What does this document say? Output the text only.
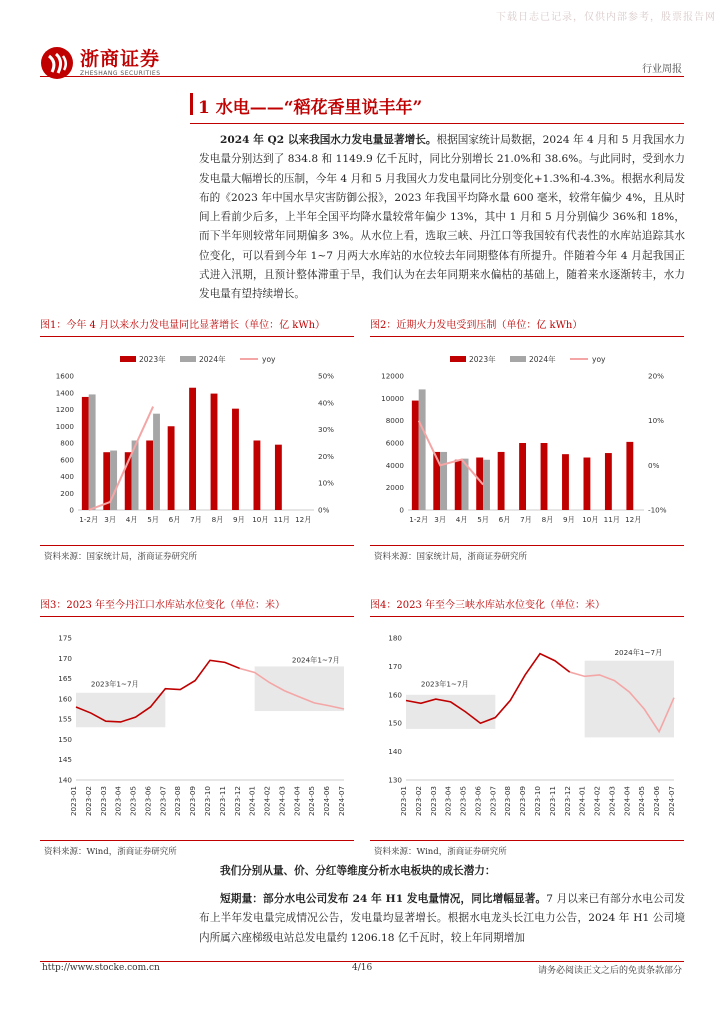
下载日志已记录，仅供内部参考，股票报告网
浙商证券
ZHESHANG SECURITIES	行业周报
1 水电——“稻花香里说丰年”
2024 年 Q2 以来我国水力发电量显著增长。根据国家统计局数据，2024 年 4 月和 5 月我国水力发电量分别达到了 834.8 和 1149.9 亿千瓦时，同比分别增长 21.0%和 38.6%。与此同时，受到水力发电量大幅增长的压制，今年 4 月和 5 月我国火力发电量同比分别变化+1.3%和-4.3%。根据水利局发布的《2023 年中国水旱灾害防御公报》，2023 年我国平均降水量 600 毫米，较常年偏少 4%，且从时间上看前少后多，上半年全国平均降水量较常年偏少 13%，其中 1 月和 5 月分别偏少 36%和 18%，而下半年则较常年同期偏多 3%。从水位上看，选取三峡、丹江口等我国较有代表性的水库站追踪其水位变化，可以看到今年 1~7 月两大水库站的水位较去年同期整体有所提升。伴随着今年 4 月起我国正式进入汛期，且预计整体滞重于旱，我们认为在去年同期来水偏枯的基础上，随着来水逐渐转丰，水力发电量有望持续增长。
图1：今年 4 月以来水力发电量同比显著增长（单位：亿 kWh）
2023年	2024年	yoy
0
200
400
600
800
1000
1200
1400
1600
0%
10%
20%
30%
40%
50%
1-2月 3月 4月 5月 6月 7月 8月 9月 10月 11月 12月
资料来源：国家统计局，浙商证券研究所
图2：近期火力发电受到压制（单位：亿 kWh）
2023年	2024年	yoy
0
2000
4000
6000
8000
10000
12000
-10%
0%
10%
20%
1-2月 3月 4月 5月 6月 7月 8月 9月 10月 11月 12月
资料来源：国家统计局，浙商证券研究所
图3：2023 年至今丹江口水库站水位变化（单位：米）
2023年1~7月
2024年1~7月
140
145
150
155
160
165
170
175
2023-01 2023-02 2023-03 2023-04 2023-05 2023-06 2023-07 2023-08 2023-09 2023-10 2023-11 2023-12 2024-01 2024-02 2024-03 2024-04 2024-05 2024-06 2024-07
资料来源：Wind，浙商证券研究所
图4：2023 年至今三峡水库站水位变化（单位：米）
2023年1~7月
2024年1~7月
130
140
150
160
170
180
2023-01 2023-02 2023-03 2023-04 2023-05 2023-06 2023-07 2023-08 2023-09 2023-10 2023-11 2023-12 2024-01 2024-02 2024-03 2024-04 2024-05 2024-06 2024-07
资料来源：Wind，浙商证券研究所
我们分别从量、价、分红等维度分析水电板块的成长潜力：
短期量：部分水电公司发布 24 年 H1 发电量情况，同比增幅显著。7 月以来已有部分水电公司发布上半年发电量完成情况公告，发电量均显著增长。根据水电龙头长江电力公告，2024 年 H1 公司境内所属六座梯级电站总发电量约 1206.18 亿千瓦时，较上年同期增加
http://www.stocke.com.cn	4/16	请务必阅读正文之后的免责条款部分
